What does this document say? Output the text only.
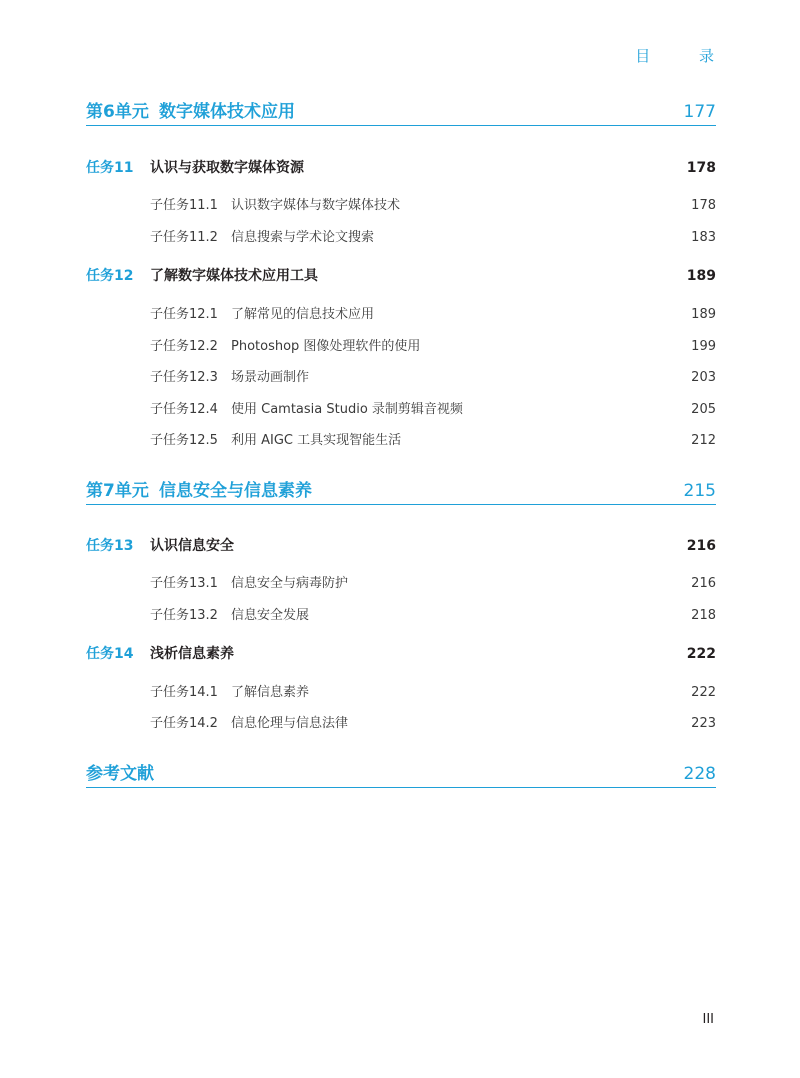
目 录
第6单元 数字媒体技术应用	177
任务11 认识与获取数字媒体资源	178
子任务11.1 认识数字媒体与数字媒体技术	178
子任务11.2 信息搜索与学术论文搜索	183
任务12 了解数字媒体技术应用工具	189
子任务12.1 了解常见的信息技术应用	189
子任务12.2 Photoshop 图像处理软件的使用	199
子任务12.3 场景动画制作	203
子任务12.4 使用 Camtasia Studio 录制剪辑音视频	205
子任务12.5 利用 AIGC 工具实现智能生活	212
第7单元 信息安全与信息素养	215
任务13 认识信息安全	216
子任务13.1 信息安全与病毒防护	216
子任务13.2 信息安全发展	218
任务14 浅析信息素养	222
子任务14.1 了解信息素养	222
子任务14.2 信息伦理与信息法律	223
参考文献	228
III
